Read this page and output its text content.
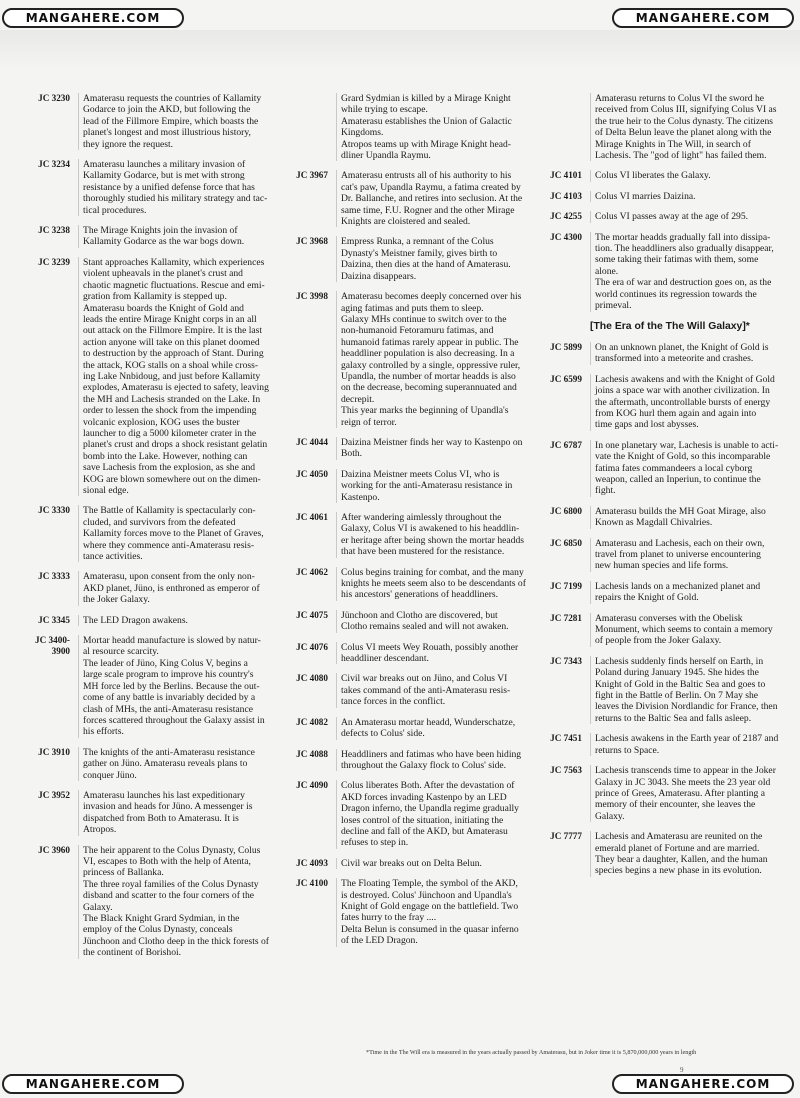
MANGAHERE.COM	MANGAHERE.COM
MANGAHERE.COM	MANGAHERE.COM
JC 3230	Amaterasu requests the countries of Kallamity
Godarce to join the AKD, but following the
lead of the Fillmore Empire, which boasts the
planet's longest and most illustrious history,
they ignore the request.
JC 3234	Amaterasu launches a military invasion of
Kallamity Godarce, but is met with strong
resistance by a unified defense force that has
thoroughly studied his military strategy and tac-
tical procedures.
JC 3238	The Mirage Knights join the invasion of
Kallamity Godarce as the war bogs down.
JC 3239	Stant approaches Kallamity, which experiences
violent upheavals in the planet's crust and
chaotic magnetic fluctuations. Rescue and emi-
gration from Kallamity is stepped up.
Amaterasu boards the Knight of Gold and
leads the entire Mirage Knight corps in an all
out attack on the Fillmore Empire. It is the last
action anyone will take on this planet doomed
to destruction by the approach of Stant. During
the attack, KOG stalls on a shoal while cross-
ing Lake Nnbidoug, and just before Kallamity
explodes, Amaterasu is ejected to safety, leaving
the MH and Lachesis stranded on the Lake. In
order to lessen the shock from the impending
volcanic explosion, KOG uses the buster
launcher to dig a 5000 kilometer crater in the
planet's crust and drops a shock resistant gelatin
bomb into the Lake. However, nothing can
save Lachesis from the explosion, as she and
KOG are blown somewhere out on the dimen-
sional edge.
JC 3330	The Battle of Kallamity is spectacularly con-
cluded, and survivors from the defeated
Kallamity forces move to the Planet of Graves,
where they commence anti-Amaterasu resis-
tance activities.
JC 3333	Amaterasu, upon consent from the only non-
AKD planet, Jüno, is enthroned as emperor of
the Joker Galaxy.
JC 3345	The LED Dragon awakens.
JC 3400-
3900
Mortar headd manufacture is slowed by natur-
al resource scarcity.
The leader of Jüno, King Colus V, begins a
large scale program to improve his country's
MH force led by the Berlins. Because the out-
come of any battle is invariably decided by a
clash of MHs, the anti-Amaterasu resistance
forces scattered throughout the Galaxy assist in
his efforts.
JC 3910	The knights of the anti-Amaterasu resistance
gather on Jüno. Amaterasu reveals plans to
conquer Jüno.
JC 3952	Amaterasu launches his last expeditionary
invasion and heads for Jüno. A messenger is
dispatched from Both to Amaterasu. It is
Atropos.
JC 3960	The heir apparent to the Colus Dynasty, Colus
VI, escapes to Both with the help of Atenta,
princess of Ballanka.
The three royal families of the Colus Dynasty
disband and scatter to the four corners of the
Galaxy.
The Black Knight Grard Sydmian, in the
employ of the Colus Dynasty, conceals
Jünchoon and Clotho deep in the thick forests of
the continent of Borishoi.
Grard Sydmian is killed by a Mirage Knight
while trying to escape.
Amaterasu establishes the Union of Galactic
Kingdoms.
Atropos teams up with Mirage Knight head-
dliner Upandla Raymu.
JC 3967	Amaterasu entrusts all of his authority to his
cat's paw, Upandla Raymu, a fatima created by
Dr. Ballanche, and retires into seclusion. At the
same time, F.U. Rogner and the other Mirage
Knights are cloistered and sealed.
JC 3968	Empress Runka, a remnant of the Colus
Dynasty's Meistner family, gives birth to
Daizina, then dies at the hand of Amaterasu.
Daizina disappears.
JC 3998	Amaterasu becomes deeply concerned over his
aging fatimas and puts them to sleep.
Galaxy MHs continue to switch over to the
non-humanoid Fetoramuru fatimas, and
humanoid fatimas rarely appear in public. The
headdliner population is also decreasing. In a
galaxy controlled by a single, oppressive ruler,
Upandla, the number of mortar headds is also
on the decrease, becoming superannuated and
decrepit.
This year marks the beginning of Upandla's
reign of terror.
JC 4044	Daizina Meistner finds her way to Kastenpo on
Both.
JC 4050	Daizina Meistner meets Colus VI, who is
working for the anti-Amaterasu resistance in
Kastenpo.
JC 4061	After wandering aimlessly throughout the
Galaxy, Colus VI is awakened to his headdlin-
er heritage after being shown the mortar headds
that have been mustered for the resistance.
JC 4062	Colus begins training for combat, and the many
knights he meets seem also to be descendants of
his ancestors' generations of headdliners.
JC 4075	Jünchoon and Clotho are discovered, but
Clotho remains sealed and will not awaken.
JC 4076	Colus VI meets Wey Rouath, possibly another
headdliner descendant.
JC 4080	Civil war breaks out on Jüno, and Colus VI
takes command of the anti-Amaterasu resis-
tance forces in the conflict.
JC 4082	An Amaterasu mortar headd, Wunderschatze,
defects to Colus' side.
JC 4088	Headdliners and fatimas who have been hiding
throughout the Galaxy flock to Colus' side.
JC 4090	Colus liberates Both. After the devastation of
AKD forces invading Kastenpo by an LED
Dragon inferno, the Upandla regime gradually
loses control of the situation, initiating the
decline and fall of the AKD, but Amaterasu
refuses to step in.
JC 4093	Civil war breaks out on Delta Belun.
JC 4100	The Floating Temple, the symbol of the AKD,
is destroyed. Colus' Jünchoon and Upandla's
Knight of Gold engage on the battlefield. Two
fates hurry to the fray ....
Delta Belun is consumed in the quasar inferno
of the LED Dragon.
Amaterasu returns to Colus VI the sword he
received from Colus III, signifying Colus VI as
the true heir to the Colus dynasty. The citizens
of Delta Belun leave the planet along with the
Mirage Knights in The Will, in search of
Lachesis. The "god of light" has failed them.
JC 4101	Colus VI liberates the Galaxy.
JC 4103	Colus VI marries Daizina.
JC 4255	Colus VI passes away at the age of 295.
JC 4300	The mortar headds gradually fall into dissipa-
tion. The headdliners also gradually disappear,
some taking their fatimas with them, some
alone.
The era of war and destruction goes on, as the
world continues its regression towards the
primeval.
[The Era of the The Will Galaxy]*
JC 5899	On an unknown planet, the Knight of Gold is
transformed into a meteorite and crashes.
JC 6599	Lachesis awakens and with the Knight of Gold
joins a space war with another civilization. In
the aftermath, uncontrollable bursts of energy
from KOG hurl them again and again into
time gaps and lost abysses.
JC 6787	In one planetary war, Lachesis is unable to acti-
vate the Knight of Gold, so this incomparable
fatima fates commandeers a local cyborg
weapon, called an Inperiun, to continue the
fight.
JC 6800	Amaterasu builds the MH Goat Mirage, also
Known as Magdall Chivalries.
JC 6850	Amaterasu and Lachesis, each on their own,
travel from planet to universe encountering
new human species and life forms.
JC 7199	Lachesis lands on a mechanized planet and
repairs the Knight of Gold.
JC 7281	Amaterasu converses with the Obelisk
Monument, which seems to contain a memory
of people from the Joker Galaxy.
JC 7343	Lachesis suddenly finds herself on Earth, in
Poland during January 1945. She hides the
Knight of Gold in the Baltic Sea and goes to
fight in the Battle of Berlin. On 7 May she
leaves the Division Nordlandic for France, then
returns to the Baltic Sea and falls asleep.
JC 7451	Lachesis awakens in the Earth year of 2187 and
returns to Space.
JC 7563	Lachesis transcends time to appear in the Joker
Galaxy in JC 3043. She meets the 23 year old
prince of Grees, Amaterasu. After planting a
memory of their encounter, she leaves the
Galaxy.
JC 7777	Lachesis and Amaterasu are reunited on the
emerald planet of Fortune and are married.
They bear a daughter, Kallen, and the human
species begins a new phase in its evolution.
*Time in the The Will era is measured in the years actually passed by Amaterasu, but in Joker time it is 5,870,000,000 years in length
9
